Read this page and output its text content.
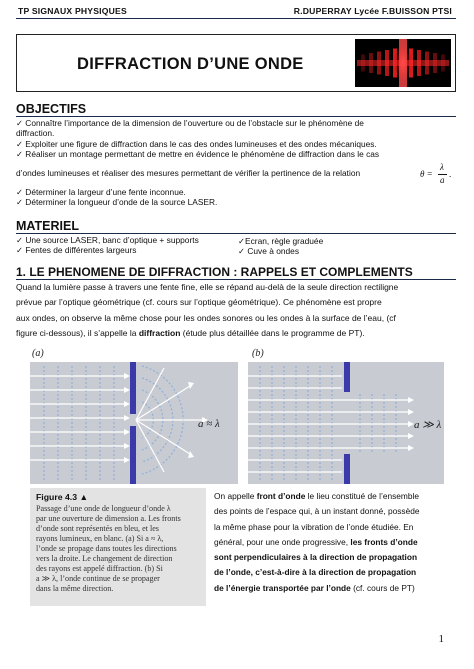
TP SIGNAUX PHYSIQUES	R.DUPERRAY Lycée F.BUISSON PTSI
DIFFRACTION D’UNE ONDE
OBJECTIFS
✓ Connaître l’importance de la dimension de l’ouverture ou de l’obstacle sur le phénomène de
diffraction.
✓ Exploiter une figure de diffraction dans le cas des ondes lumineuses et des ondes mécaniques.
✓ Réaliser un montage permettant de mettre en évidence le phénomène de diffraction dans le cas
d’ondes lumineuses et réaliser des mesures permettant de vérifier la pertinence de la relation	θ =
λ
a
.
✓ Déterminer la largeur d’une fente inconnue.
✓ Déterminer la longueur d’onde de la source LASER.
MATERIEL
✓ Une source LASER, banc d’optique + supports
✓ Fentes de différentes largeurs
✓Ecran, règle graduée
✓ Cuve à ondes
1. LE PHENOMENE DE DIFFRACTION : RAPPELS ET COMPLEMENTS
Quand la lumière passe à travers une fente fine, elle se répand au-delà de la seule direction rectiligne
prévue par l’optique géométrique (cf. cours sur l’optique géométrique). Ce phénomène est propre
aux ondes, on observe la même chose pour les ondes sonores ou les ondes à la surface de l’eau, (cf
figure ci-dessous), il s’appelle la diffraction (étude plus détaillée dans le programme de PT).
(a)
a ≈ λ
(b)
a ≫ λ
Figure 4.3 ▲
Passage d’une onde de longueur d’onde λ
par une ouverture de dimension a. Les fronts
d’onde sont représentés en bleu, et les
rayons lumineux, en blanc. (a) Si a ≈ λ,
l’onde se propage dans toutes les directions
vers la droite. Le changement de direction
des rayons est appelé diffraction. (b) Si
a ≫ λ, l’onde continue de se propager
dans la même direction.
On appelle front d’onde le lieu constitué de l’ensemble
des points de l’espace qui, à un instant donné, possède
la même phase pour la vibration de l’onde étudiée. En
général, pour une onde progressive, les fronts d’onde
sont perpendiculaires à la direction de propagation
de l’onde, c’est-à-dire à la direction de propagation
de l’énergie transportée par l’onde (cf. cours de PT)
1
